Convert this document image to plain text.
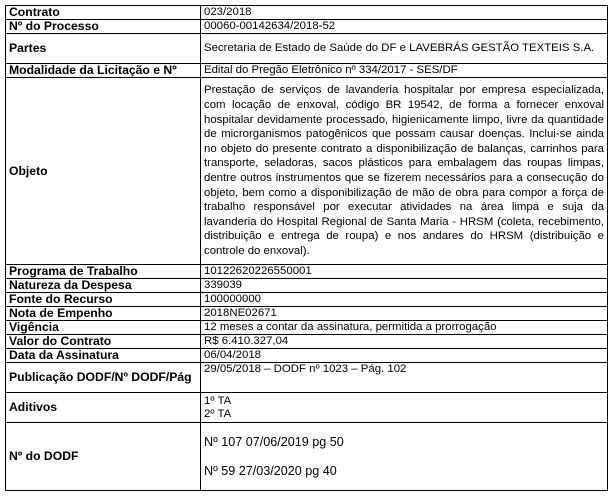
Contrato	023/2018
Nº do Processo	00060-00142634/2018-52
Partes	Secretaria de Estado de Saúde do DF e LAVEBRÁS GESTÃO TEXTEIS S.A.
Modalidade da Licitação e Nº	Edital do Pregão Eletrônico nº 334/2017 - SES/DF
Objeto	Prestação de serviços de lavanderia hospitalar por empresa especializada, com locação de enxoval, código BR 19542, de forma a fornecer enxoval hospitalar devidamente processado, higienicamente limpo, livre da quantidade de microrganismos patogênicos que possam causar doenças. Inclui-se ainda no objeto do presente contrato a disponibilização de balanças, carrinhos para transporte, seladoras, sacos plásticos para embalagem das roupas limpas, dentre outros instrumentos que se fizerem necessários para a consecução do objeto, bem como a disponibilização de mão de obra para compor a força de trabalho responsável por executar atividades na área limpa e suja da lavanderia do Hospital Regional de Santa Maria - HRSM (coleta, recebimento, distribuição e entrega de roupa) e nos andares do HRSM (distribuição e controle do enxoval).
Programa de Trabalho	10122620226550001
Natureza da Despesa	339039
Fonte do Recurso	100000000
Nota de Empenho	2018NE02671
Vigência	12 meses a contar da assinatura, permitida a prorrogação
Valor do Contrato	R$ 6.410.327,04
Data da Assinatura	06/04/2018
Publicação DODF/Nº DODF/Pág	29/05/2018 – DODF nº 1023 – Pág. 102
Aditivos	1º TA
2º TA
Nº do DODF	Nº 107 07/06/2019 pg 50
Nº 59 27/03/2020 pg 40
